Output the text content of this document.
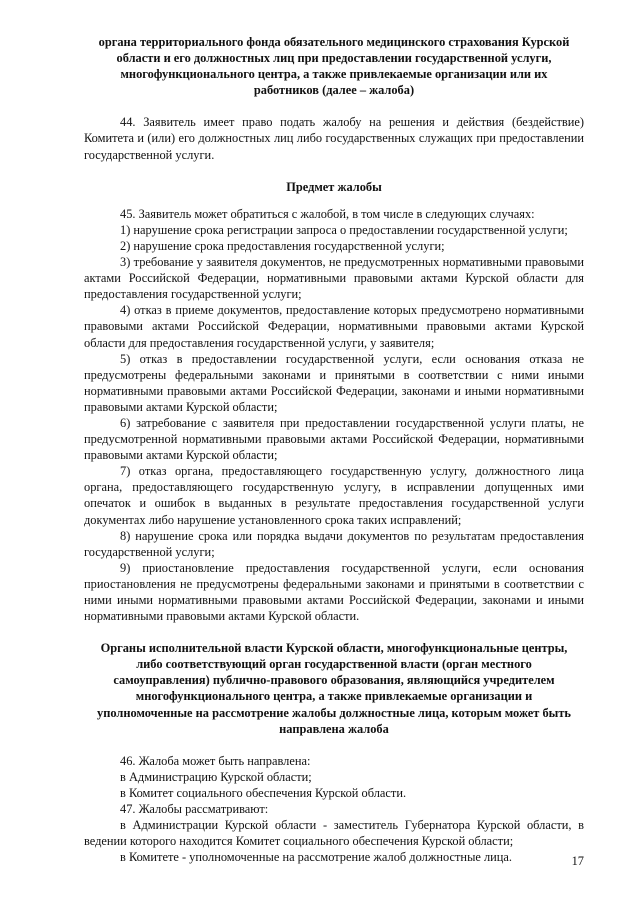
органа территориального фонда обязательного медицинского страхования Курской области и его должностных лиц при предоставлении государственной услуги, многофункционального центра, а также привлекаемые организации или их работников (далее – жалоба)

44. Заявитель имеет право подать жалобу на решения и действия (бездействие) Комитета и (или) его должностных лиц либо государственных служащих при предоставлении государственной услуги.

Предмет жалобы

45. Заявитель может обратиться с жалобой, в том числе в следующих случаях:

1) нарушение срока регистрации запроса о предоставлении государственной услуги;

2) нарушение срока предоставления государственной услуги;

3) требование у заявителя документов, не предусмотренных нормативными правовыми актами Российской Федерации, нормативными правовыми актами Курской области для предоставления государственной услуги;

4) отказ в приеме документов, предоставление которых предусмотрено нормативными правовыми актами Российской Федерации, нормативными правовыми актами Курской области для предоставления государственной услуги, у заявителя;

5) отказ в предоставлении государственной услуги, если основания отказа не предусмотрены федеральными законами и принятыми в соответствии с ними иными нормативными правовыми актами Российской Федерации, законами и иными нормативными правовыми актами Курской области;

6) затребование с заявителя при предоставлении государственной услуги платы, не предусмотренной нормативными правовыми актами Российской Федерации, нормативными правовыми актами Курской области;

7) отказ органа, предоставляющего государственную услугу, должностного лица органа, предоставляющего государственную услугу, в исправлении допущенных ими опечаток и ошибок в выданных в результате предоставления государственной услуги документах либо нарушение установленного срока таких исправлений;

8) нарушение срока или порядка выдачи документов по результатам предоставления государственной услуги;

9) приостановление предоставления государственной услуги, если основания приостановления не предусмотрены федеральными законами и принятыми в соответствии с ними иными нормативными правовыми актами Российской Федерации, законами и иными нормативными правовыми актами Курской области.

Органы исполнительной власти Курской области, многофункциональные центры, либо соответствующий орган государственной власти (орган местного самоуправления) публично-правового образования, являющийся учредителем многофункционального центра, а также привлекаемые организации и уполномоченные на рассмотрение жалобы должностные лица, которым может быть направлена жалоба

46. Жалоба может быть направлена:

в Администрацию Курской области;

в Комитет социального обеспечения Курской области.

47. Жалобы рассматривают:

в Администрации Курской области - заместитель Губернатора Курской области, в ведении которого находится Комитет социального обеспечения Курской области;

в Комитете - уполномоченные на рассмотрение жалоб должностные лица.	17
